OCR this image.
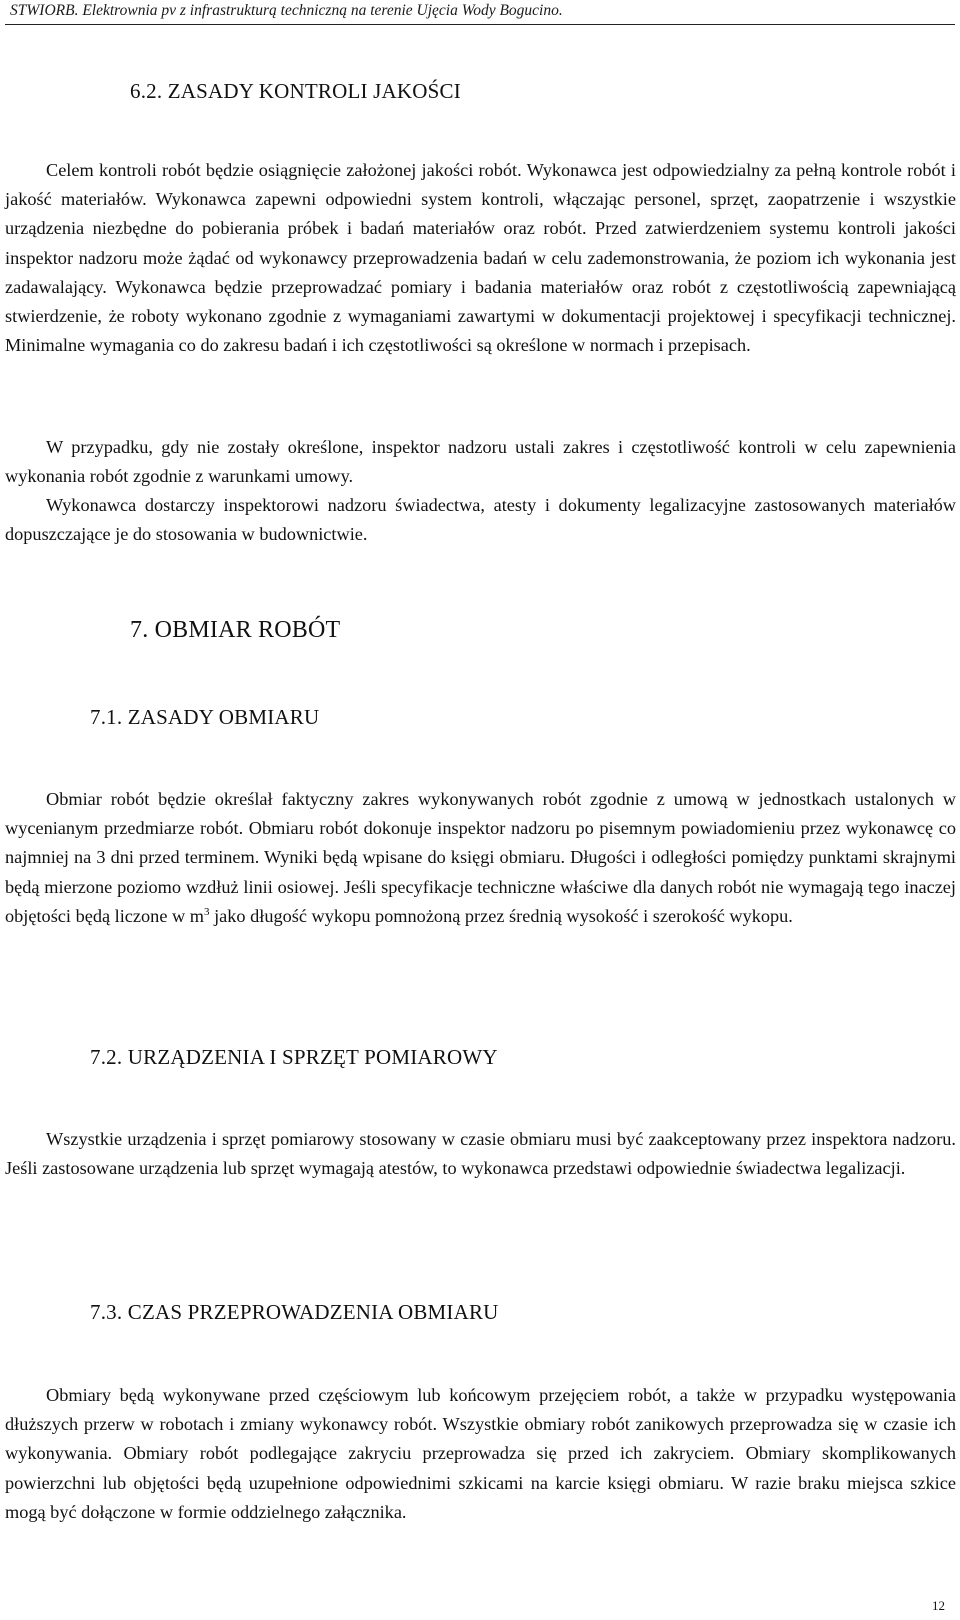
STWIORB. Elektrownia pv z infrastrukturą techniczną na terenie Ujęcia Wody Bogucino.
6.2. ZASADY KONTROLI JAKOŚCI

Celem kontroli robót będzie osiągnięcie założonej jakości robót. Wykonawca jest odpowiedzialny za pełną kontrole robót i jakość materiałów. Wykonawca zapewni odpowiedni system kontroli, włączając personel, sprzęt, zaopatrzenie i wszystkie urządzenia niezbędne do pobierania próbek i badań materiałów oraz robót. Przed zatwierdzeniem systemu kontroli jakości inspektor nadzoru może żądać od wykonawcy przeprowadzenia badań w celu zademonstrowania, że poziom ich wykonania jest zadawalający. Wykonawca będzie przeprowadzać pomiary i badania materiałów oraz robót z częstotliwością zapewniającą stwierdzenie, że roboty wykonano zgodnie z wymaganiami zawartymi w dokumentacji projektowej i specyfikacji technicznej. Minimalne wymagania co do zakresu badań i ich częstotliwości są określone w normach i przepisach.

W przypadku, gdy nie zostały określone, inspektor nadzoru ustali zakres i częstotliwość kontroli w celu zapewnienia wykonania robót zgodnie z warunkami umowy.

Wykonawca dostarczy inspektorowi nadzoru świadectwa, atesty i dokumenty legalizacyjne zastosowanych materiałów dopuszczające je do stosowania w budownictwie.

7. OBMIAR ROBÓT
7.1. ZASADY OBMIARU

Obmiar robót będzie określał faktyczny zakres wykonywanych robót zgodnie z umową w jednostkach ustalonych w wycenianym przedmiarze robót. Obmiaru robót dokonuje inspektor nadzoru po pisemnym powiadomieniu przez wykonawcę co najmniej na 3 dni przed terminem. Wyniki będą wpisane do księgi obmiaru. Długości i odległości pomiędzy punktami skrajnymi będą mierzone poziomo wzdłuż linii osiowej. Jeśli specyfikacje techniczne właściwe dla danych robót nie wymagają tego inaczej objętości będą liczone w $m^3$ jako długość wykopu pomnożoną przez średnią wysokość i szerokość wykopu.

7.2. URZĄDZENIA I SPRZĘT POMIAROWY

Wszystkie urządzenia i sprzęt pomiarowy stosowany w czasie obmiaru musi być zaakceptowany przez inspektora nadzoru. Jeśli zastosowane urządzenia lub sprzęt wymagają atestów, to wykonawca przedstawi odpowiednie świadectwa legalizacji.

7.3. CZAS PRZEPROWADZENIA OBMIARU

Obmiary będą wykonywane przed częściowym lub końcowym przejęciem robót, a także w przypadku występowania dłuższych przerw w robotach i zmiany wykonawcy robót. Wszystkie obmiary robót zanikowych przeprowadza się w czasie ich wykonywania. Obmiary robót podlegające zakryciu przeprowadza się przed ich zakryciem. Obmiary skomplikowanych powierzchni lub objętości będą uzupełnione odpowiednimi szkicami na karcie księgi obmiaru. W razie braku miejsca szkice mogą być dołączone w formie oddzielnego załącznika.

12
